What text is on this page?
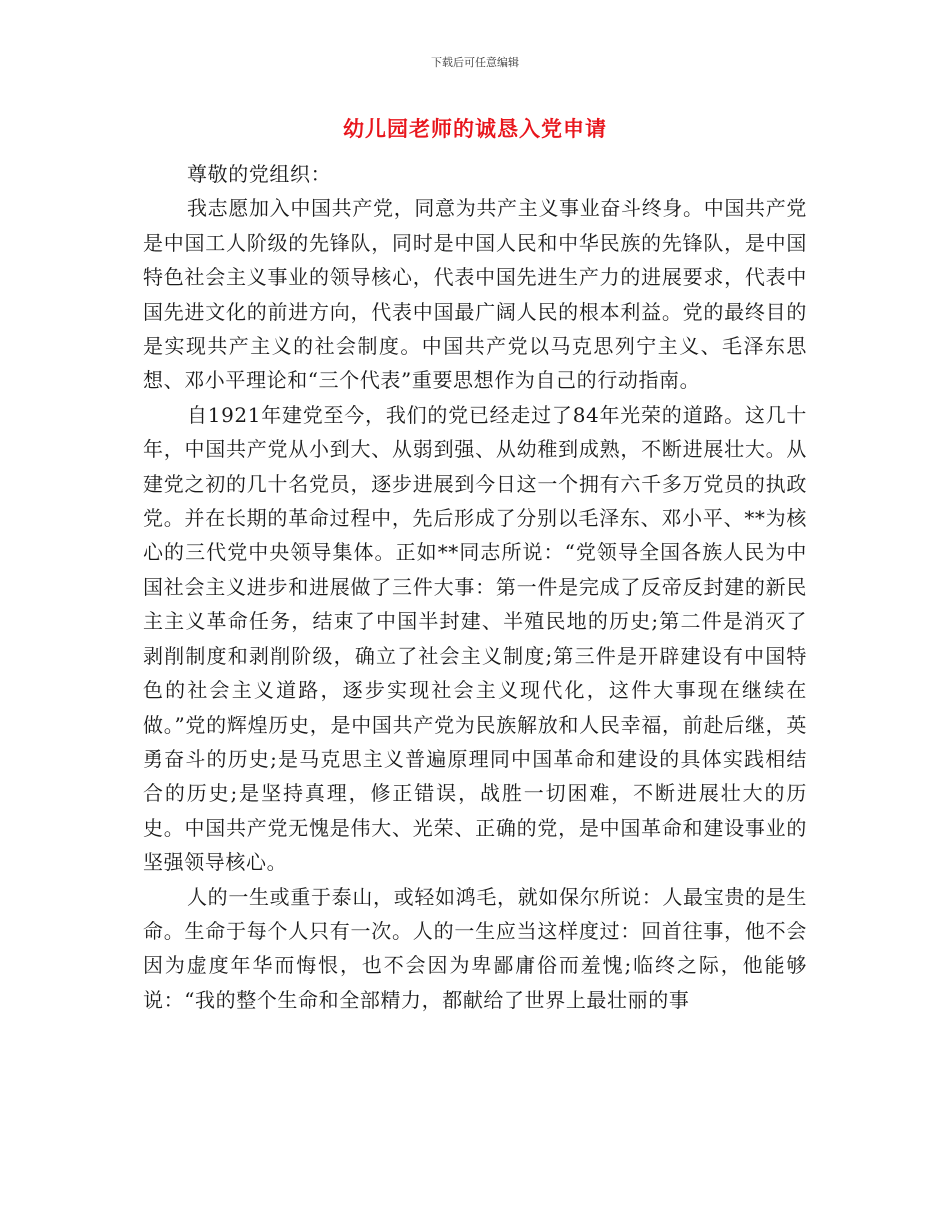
下载后可任意编辑
幼儿园老师的诚恳入党申请

尊敬的党组织：

我志愿加入中国共产党，同意为共产主义事业奋斗终身。中国共产党是中国工人阶级的先锋队，同时是中国人民和中华民族的先锋队，是中国特色社会主义事业的领导核心，代表中国先进生产力的进展要求，代表中国先进文化的前进方向，代表中国最广阔人民的根本利益。党的最终目的是实现共产主义的社会制度。中国共产党以马克思列宁主义、毛泽东思想、邓小平理论和“三个代表”重要思想作为自己的行动指南。

自1921年建党至今，我们的党已经走过了84年光荣的道路。这几十年，中国共产党从小到大、从弱到强、从幼稚到成熟，不断进展壮大。从建党之初的几十名党员，逐步进展到今日这一个拥有六千多万党员的执政党。并在长期的革命过程中，先后形成了分别以毛泽东、邓小平、**为核心的三代党中央领导集体。正如**同志所说：“党领导全国各族人民为中国社会主义进步和进展做了三件大事：第一件是完成了反帝反封建的新民主主义革命任务，结束了中国半封建、半殖民地的历史;第二件是消灭了剥削制度和剥削阶级，确立了社会主义制度;第三件是开辟建设有中国特色的社会主义道路，逐步实现社会主义现代化，这件大事现在继续在做。”党的辉煌历史，是中国共产党为民族解放和人民幸福，前赴后继，英勇奋斗的历史;是马克思主义普遍原理同中国革命和建设的具体实践相结合的历史;是坚持真理，修正错误，战胜一切困难，不断进展壮大的历史。中国共产党无愧是伟大、光荣、正确的党，是中国革命和建设事业的坚强领导核心。

人的一生或重于泰山，或轻如鸿毛，就如保尔所说：人最宝贵的是生命。生命于每个人只有一次。人的一生应当这样度过：回首往事，他不会因为虚度年华而悔恨，也不会因为卑鄙庸俗而羞愧;临终之际，他能够说：“我的整个生命和全部精力，都献给了世界上最壮丽的事
